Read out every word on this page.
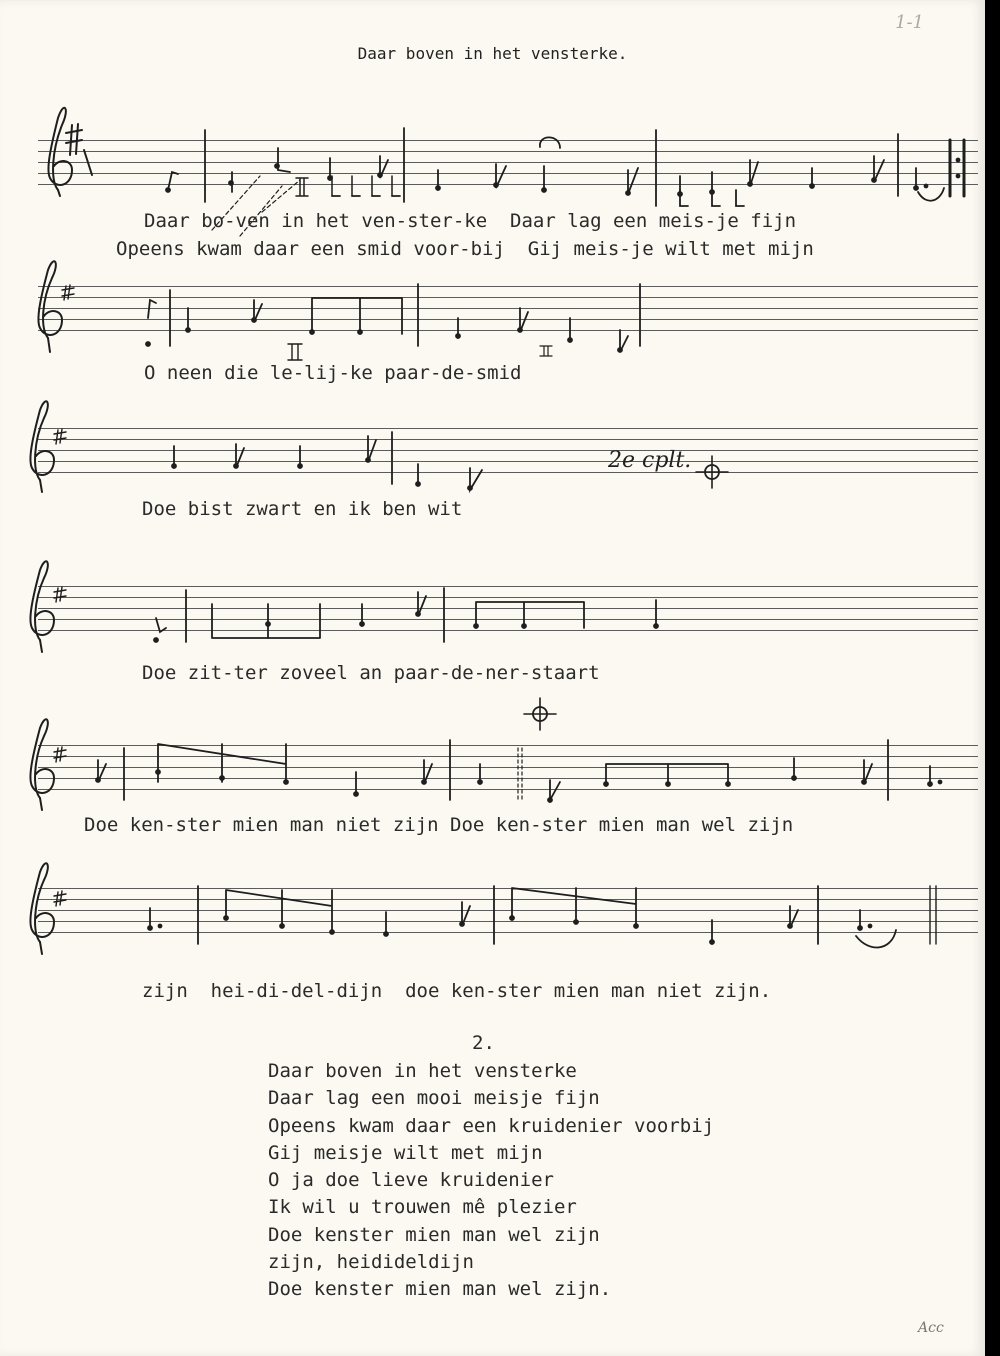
1-1
Daar boven in het vensterke.
2e cplt.
Daar bo-ven in het ven-ster-ke  Daar lag een meis-je fijn
Opeens kwam daar een smid voor-bij  Gij meis-je wilt met mijn
O neen die le-lij-ke paar-de-smid
Doe bist zwart en ik ben wit
Doe zit-ter zoveel an paar-de-ner-staart
Doe ken-ster mien man niet zijn Doe ken-ster mien man wel zijn
zijn  hei-di-del-dijn  doe ken-ster mien man niet zijn.
2.
Daar boven in het vensterke
Daar lag een mooi meisje fijn
Opeens kwam daar een kruidenier voorbij
Gij meisje wilt met mijn
O ja doe lieve kruidenier
Ik wil u trouwen mê plezier
Doe kenster mien man wel zijn
zijn, heidideldijn
Doe kenster mien man wel zijn.
Acc
